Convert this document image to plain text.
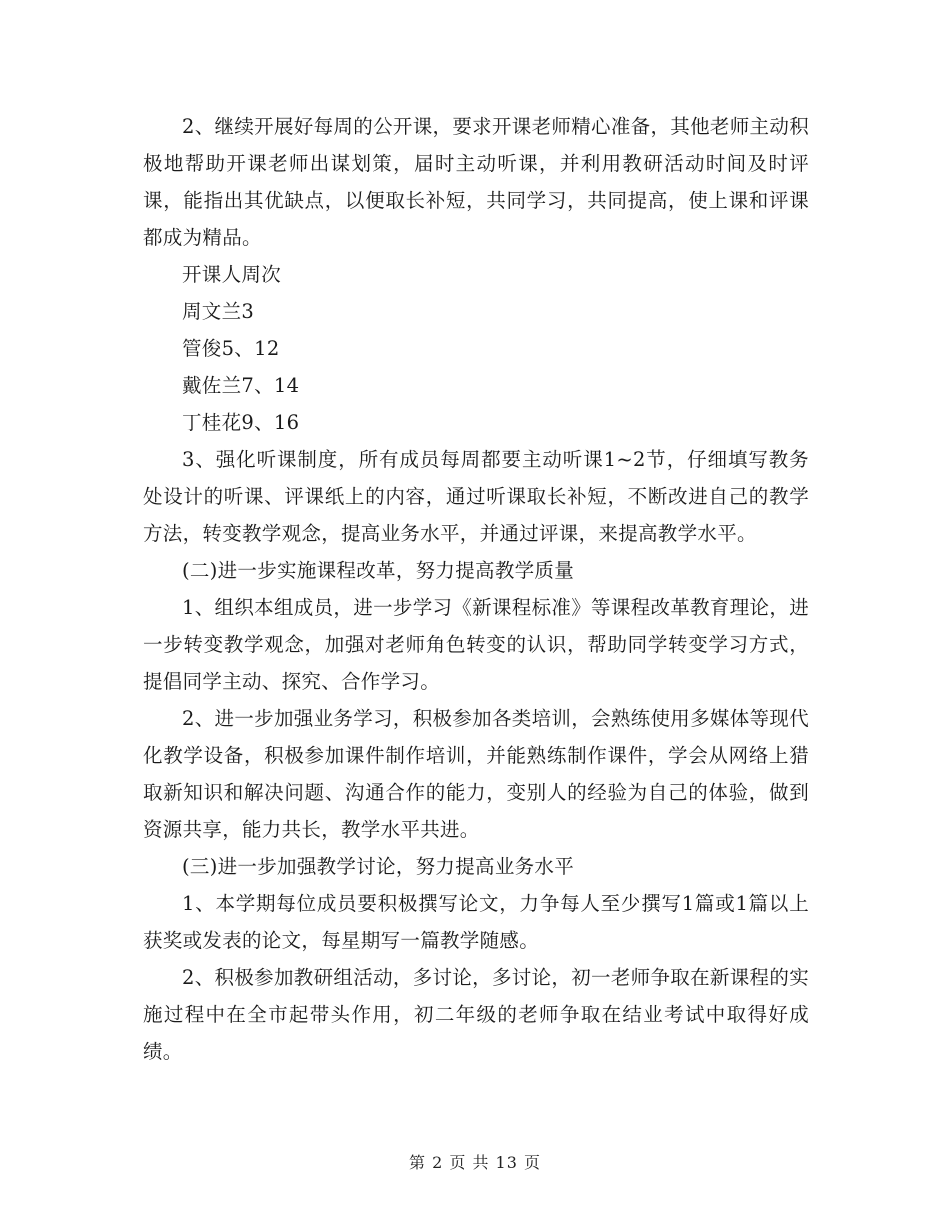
2、继续开展好每周的公开课，要求开课老师精心准备，其他老师主动积极地帮助开课老师出谋划策，届时主动听课，并利用教研活动时间及时评课，能指出其优缺点，以便取长补短，共同学习，共同提高，使上课和评课都成为精品。

开课人周次

周文兰3

管俊5、12

戴佐兰7、14

丁桂花9、16

3、强化听课制度，所有成员每周都要主动听课1~2节，仔细填写教务处设计的听课、评课纸上的内容，通过听课取长补短，不断改进自己的教学方法，转变教学观念，提高业务水平，并通过评课，来提高教学水平。

(二)进一步实施课程改革，努力提高教学质量

1、组织本组成员，进一步学习《新课程标准》等课程改革教育理论，进一步转变教学观念，加强对老师角色转变的认识，帮助同学转变学习方式，提倡同学主动、探究、合作学习。

2、进一步加强业务学习，积极参加各类培训，会熟练使用多媒体等现代化教学设备，积极参加课件制作培训，并能熟练制作课件，学会从网络上猎取新知识和解决问题、沟通合作的能力，变别人的经验为自己的体验，做到资源共享，能力共长，教学水平共进。

(三)进一步加强教学讨论，努力提高业务水平

1、本学期每位成员要积极撰写论文，力争每人至少撰写1篇或1篇以上获奖或发表的论文，每星期写一篇教学随感。

2、积极参加教研组活动，多讨论，多讨论，初一老师争取在新课程的实施过程中在全市起带头作用，初二年级的老师争取在结业考试中取得好成绩。

第 2 页 共 13 页
